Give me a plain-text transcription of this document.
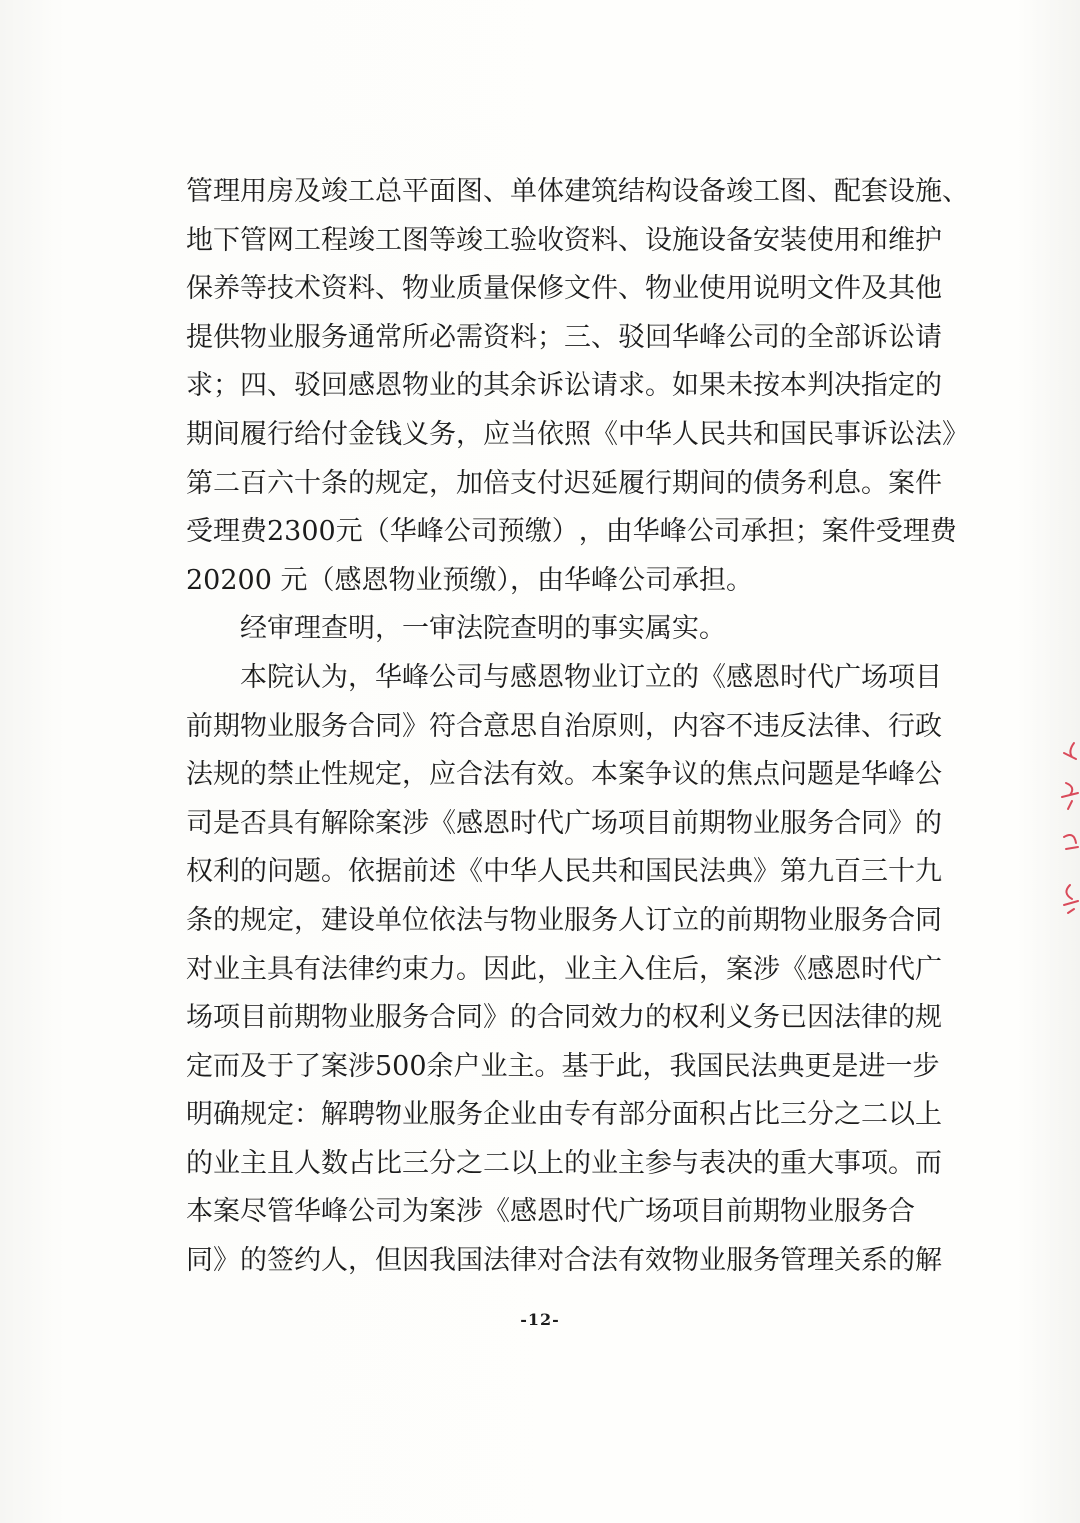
管 理 用 房 及 竣 工 总 平 面 图 、 单 体 建 筑 结 构 设 备 竣 工 图 、 配 套 设 施 、
地 下 管 网 工 程 竣 工 图 等 竣 工 验 收 资 料 、 设 施 设 备 安 装 使 用 和 维 护
保 养 等 技 术 资 料 、 物 业 质 量 保 修 文 件 、 物 业 使 用 说 明 文 件 及 其 他
提 供 物 业 服 务 通 常 所 必 需 资 料 ； 三 、 驳 回 华 峰 公 司 的 全 部 诉 讼 请
求 ； 四 、 驳 回 感 恩 物 业 的 其 余 诉 讼 请 求 。 如 果 未 按 本 判 决 指 定 的
期 间 履 行 给 付 金 钱 义 务 ， 应 当 依 照 《 中 华 人 民 共 和 国 民 事 诉 讼 法 》
第 二 百 六 十 条 的 规 定 ， 加 倍 支 付 迟 延 履 行 期 间 的 债 务 利 息 。 案 件
受 理 费 2300 元 （ 华 峰 公 司 预 缴 ） ， 由 华 峰 公 司 承 担 ； 案 件 受 理 费
20200 元（感恩物业预缴），由华峰公司承担。
经审理查明，一审法院查明的事实属实。
本 院 认 为 ， 华 峰 公 司 与 感 恩 物 业 订 立 的 《 感 恩 时 代 广 场 项 目
前 期 物 业 服 务 合 同 》 符 合 意 思 自 治 原 则 ， 内 容 不 违 反 法 律 、 行 政
法 规 的 禁 止 性 规 定 ， 应 合 法 有 效 。 本 案 争 议 的 焦 点 问 题 是 华 峰 公
司 是 否 具 有 解 除 案 涉 《 感 恩 时 代 广 场 项 目 前 期 物 业 服 务 合 同 》 的
权 利 的 问 题 。 依 据 前 述 《 中 华 人 民 共 和 国 民 法 典 》 第 九 百 三 十 九
条 的 规 定 ， 建 设 单 位 依 法 与 物 业 服 务 人 订 立 的 前 期 物 业 服 务 合 同
对 业 主 具 有 法 律 约 束 力 。 因 此 ， 业 主 入 住 后 ， 案 涉 《 感 恩 时 代 广
场 项 目 前 期 物 业 服 务 合 同 》 的 合 同 效 力 的 权 利 义 务 已 因 法 律 的 规
定 而 及 于 了 案 涉 500 余 户 业 主 。 基 于 此 ， 我 国 民 法 典 更 是 进 一 步
明 确 规 定 ： 解 聘 物 业 服 务 企 业 由 专 有 部 分 面 积 占 比 三 分 之 二 以 上
的 业 主 且 人 数 占 比 三 分 之 二 以 上 的 业 主 参 与 表 决 的 重 大 事 项 。 而
本 案 尽 管 华 峰 公 司 为 案 涉 《 感 恩 时 代 广 场 项 目 前 期 物 业 服 务 合
同 》 的 签 约 人 ， 但 因 我 国 法 律 对 合 法 有 效 物 业 服 务 管 理 关 系 的 解
-12-
